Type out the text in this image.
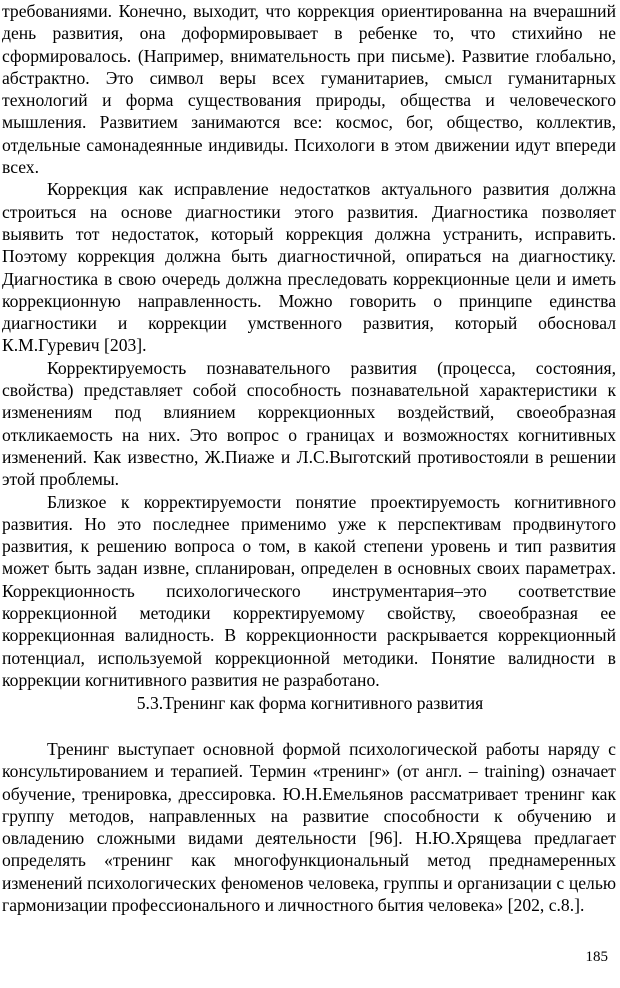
требованиями. Конечно, выходит, что коррекция ориентированна на вчерашний день развития, она доформировывает в ребенке то, что стихийно не сформировалось. (Например, внимательность при письме). Развитие глобально, абстрактно. Это символ веры всех гуманитариев, смысл гуманитарных технологий и форма существования природы, общества и человеческого мышления. Развитием занимаются все: космос, бог, общество, коллектив, отдельные самонадеянные индивиды. Психологи в этом движении идут впереди всех.

Коррекция как исправление недостатков актуального развития должна строиться на основе диагностики этого развития. Диагностика позволяет выявить тот недостаток, который коррекция должна устранить, исправить. Поэтому коррекция должна быть диагностичной, опираться на диагностику. Диагностика в свою очередь должна преследовать коррекционные цели и иметь коррекционную направленность. Можно говорить о принципе единства диагностики и коррекции умственного развития, который обосновал К.М.Гуревич [203].

Корректируемость познавательного развития (процесса, состояния, свойства) представляет собой способность познавательной характеристики к изменениям под влиянием коррекционных воздействий, своеобразная откликаемость на них. Это вопрос о границах и возможностях когнитивных изменений. Как известно, Ж.Пиаже и Л.С.Выготский противостояли в решении этой проблемы.

Близкое к корректируемости понятие проектируемость когнитивного развития. Но это последнее применимо уже к перспективам продвинутого развития, к решению вопроса о том, в какой степени уровень и тип развития может быть задан извне, спланирован, определен в основных своих параметрах. Коррекционность психологического инструментария–это соответствие коррекционной методики корректируемому свойству, своеобразная ее коррекционная валидность. В коррекционности раскрывается коррекционный потенциал, используемой коррекционной методики. Понятие валидности в коррекции когнитивного развития не разработано.

5.3.Тренинг как форма когнитивного развития

Тренинг выступает основной формой психологической работы наряду с консультированием и терапией. Термин «тренинг» (от англ. – training) означает обучение, тренировка, дрессировка. Ю.Н.Емельянов рассматривает тренинг как группу методов, направленных на развитие способности к обучению и овладению сложными видами деятельности [96]. Н.Ю.Хрящева предлагает определять «тренинг как многофункциональный метод преднамеренных изменений психологических феноменов человека, группы и организации с целью гармонизации профессионального и личностного бытия человека» [202, с.8.].

185
